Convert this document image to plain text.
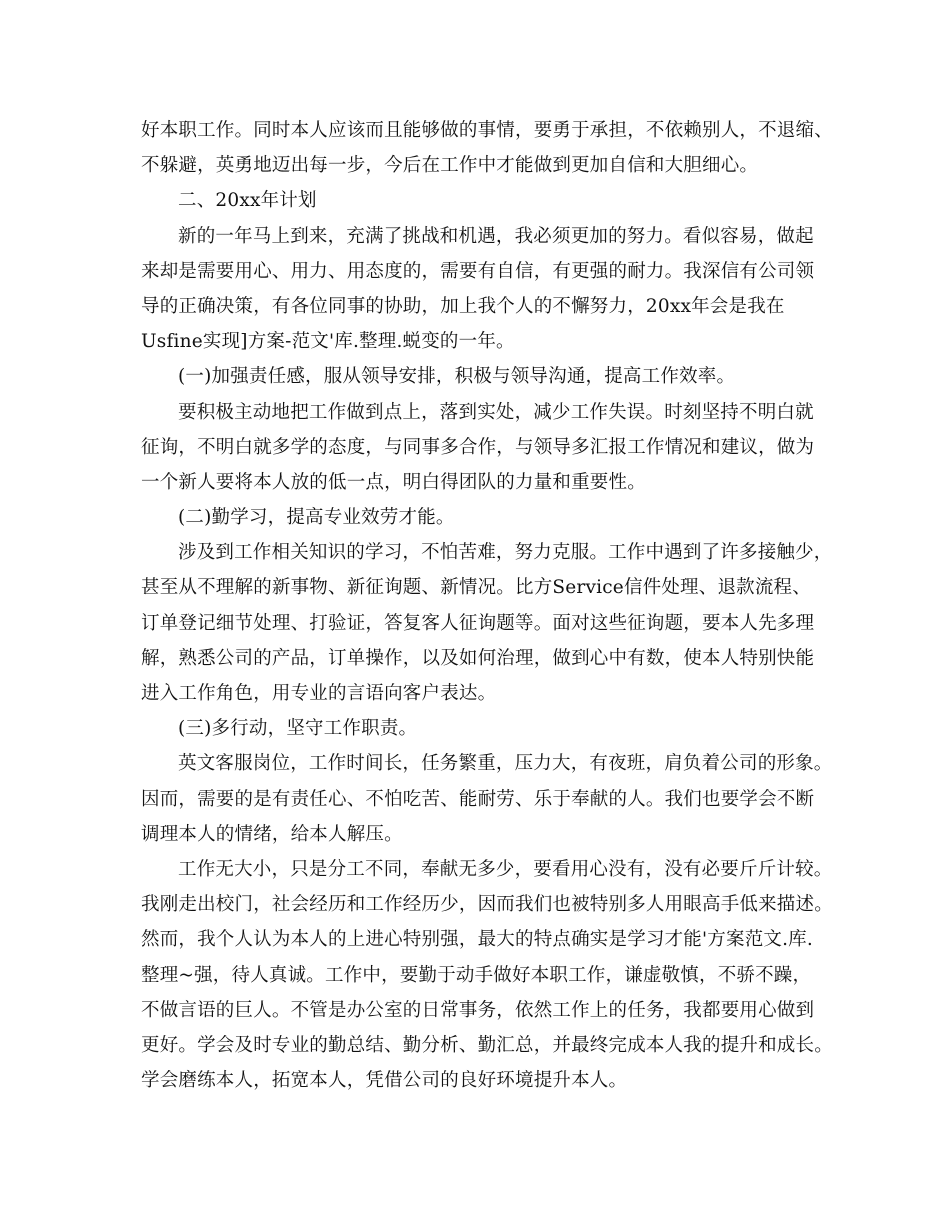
好本职工作。同时本人应该而且能够做的事情，要勇于承担，不依赖别人，不退缩、
不躲避，英勇地迈出每一步，今后在工作中才能做到更加自信和大胆细心。
二、20xx年计划
新的一年马上到来，充满了挑战和机遇，我必须更加的努力。看似容易，做起
来却是需要用心、用力、用态度的，需要有自信，有更强的耐力。我深信有公司领
导的正确决策，有各位同事的协助，加上我个人的不懈努力，20xx年会是我在
Usfine实现]方案-范文'库.整理.蜕变的一年。
(一)加强责任感，服从领导安排，积极与领导沟通，提高工作效率。
要积极主动地把工作做到点上，落到实处，减少工作失误。时刻坚持不明白就
征询，不明白就多学的态度，与同事多合作，与领导多汇报工作情况和建议，做为
一个新人要将本人放的低一点，明白得团队的力量和重要性。
(二)勤学习，提高专业效劳才能。
涉及到工作相关知识的学习，不怕苦难，努力克服。工作中遇到了许多接触少，
甚至从不理解的新事物、新征询题、新情况。比方Service信件处理、退款流程、
订单登记细节处理、打验证，答复客人征询题等。面对这些征询题，要本人先多理
解，熟悉公司的产品，订单操作，以及如何治理，做到心中有数，使本人特别快能
进入工作角色，用专业的言语向客户表达。
(三)多行动，坚守工作职责。
英文客服岗位，工作时间长，任务繁重，压力大，有夜班，肩负着公司的形象。
因而，需要的是有责任心、不怕吃苦、能耐劳、乐于奉献的人。我们也要学会不断
调理本人的情绪，给本人解压。
工作无大小，只是分工不同，奉献无多少，要看用心没有，没有必要斤斤计较。
我刚走出校门，社会经历和工作经历少，因而我们也被特别多人用眼高手低来描述。
然而，我个人认为本人的上进心特别强，最大的特点确实是学习才能'方案范文.库.
整理~强，待人真诚。工作中，要勤于动手做好本职工作，谦虚敬慎，不骄不躁，
不做言语的巨人。不管是办公室的日常事务，依然工作上的任务，我都要用心做到
更好。学会及时专业的勤总结、勤分析、勤汇总，并最终完成本人我的提升和成长。
学会磨练本人，拓宽本人，凭借公司的良好环境提升本人。
